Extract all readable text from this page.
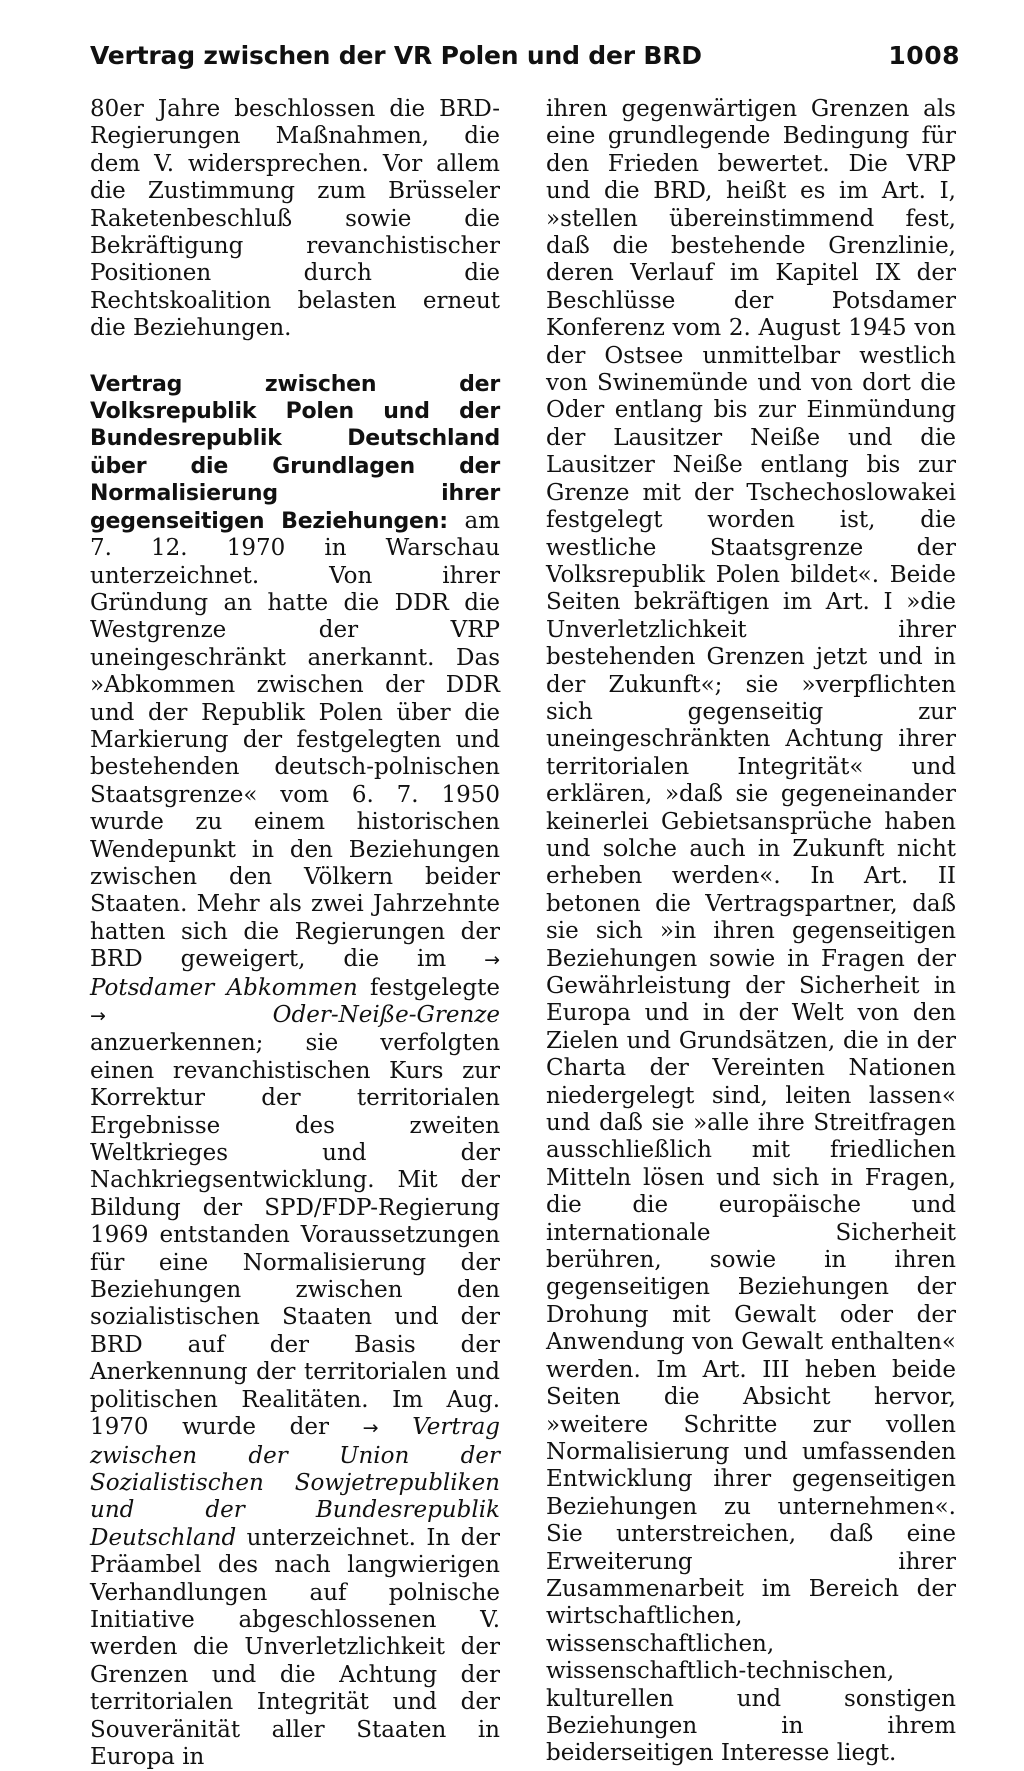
Vertrag zwischen der VR Polen und der BRD	1008

80er Jahre beschlossen die BRD-Regierungen Maßnahmen, die dem V. widersprechen. Vor allem die Zustimmung zum Brüsseler Raketenbeschluß sowie die Bekräftigung revanchistischer Positionen durch die Rechtskoalition belasten erneut die Beziehungen.

Vertrag zwischen der Volksrepublik Polen und der Bundesrepublik Deutschland über die Grundlagen der Normalisierung ihrer gegenseitigen Beziehungen: am 7. 12. 1970 in Warschau unterzeichnet. Von ihrer Gründung an hatte die DDR die Westgrenze der VRP uneingeschränkt anerkannt. Das »Abkommen zwischen der DDR und der Republik Polen über die Markierung der festgelegten und bestehenden deutsch-polnischen Staatsgrenze« vom 6. 7. 1950 wurde zu einem historischen Wendepunkt in den Beziehungen zwischen den Völkern beider Staaten. Mehr als zwei Jahrzehnte hatten sich die Regierungen der BRD geweigert, die im → Potsdamer Abkommen festgelegte →	Oder-Neiße-Grenze anzuerkennen; sie verfolgten einen revanchistischen Kurs zur Korrektur der territorialen Ergebnisse des zweiten Weltkrieges und der Nachkriegsentwicklung. Mit der Bildung der SPD/FDP-Regierung 1969 entstanden Voraussetzungen für eine Normalisierung der Beziehungen zwischen den sozialistischen Staaten und der BRD auf der Basis der Anerkennung der territorialen und politischen Realitäten. Im Aug. 1970 wurde der → Vertrag zwischen der Union der Sozialistischen Sowjetrepubliken und der Bundesrepublik Deutschland unterzeichnet. In der Präambel des nach langwierigen Verhandlungen auf polnische Initiative abgeschlossenen V. werden die Unverletzlichkeit der Grenzen und die Achtung der territorialen Integrität und der Souveränität aller Staaten in Europa in

ihren gegenwärtigen Grenzen als eine grundlegende Bedingung für den Frieden bewertet. Die VRP und die BRD, heißt es im Art. I, »stellen übereinstimmend fest, daß die bestehende Grenzlinie, deren Verlauf im Kapitel IX der Beschlüsse der Potsdamer Konferenz vom 2. August 1945 von der Ostsee unmittelbar westlich von Swinemünde und von dort die Oder entlang bis zur Einmündung der Lausitzer Neiße und die Lausitzer Neiße entlang bis zur Grenze mit der Tschechoslowakei festgelegt worden ist, die westliche Staatsgrenze der Volksrepublik Polen bildet«. Beide Seiten bekräftigen im Art. I »die Unverletzlichkeit ihrer bestehenden Grenzen jetzt und in der Zukunft«; sie »verpflichten sich gegenseitig zur uneingeschränkten Achtung ihrer territorialen Integrität« und erklären, »daß sie gegeneinander keinerlei Gebietsansprüche haben und solche auch in Zukunft nicht erheben werden«. In Art. II betonen die Vertragspartner, daß sie sich »in ihren gegenseitigen Beziehungen sowie in Fragen der Gewährleistung der Sicherheit in Europa und in der Welt von den Zielen und Grundsätzen, die in der Charta der Vereinten Nationen niedergelegt sind, leiten lassen« und daß sie »alle ihre Streitfragen ausschließlich mit friedlichen Mitteln lösen und sich in Fragen, die die europäische und internationale Sicherheit berühren, sowie in ihren gegenseitigen Beziehungen der Drohung mit Gewalt oder der Anwendung von Gewalt enthalten« werden. Im Art. III heben beide Seiten die Absicht hervor, »weitere Schritte zur vollen Normalisierung und umfassenden Entwicklung ihrer gegenseitigen Beziehungen zu unternehmen«. Sie unterstreichen, daß eine Erweiterung ihrer Zusammenarbeit im Bereich der wirtschaftlichen, wissenschaftlichen, wissenschaftlich-technischen, kulturellen und sonstigen Beziehungen in ihrem beiderseitigen Interesse liegt.
